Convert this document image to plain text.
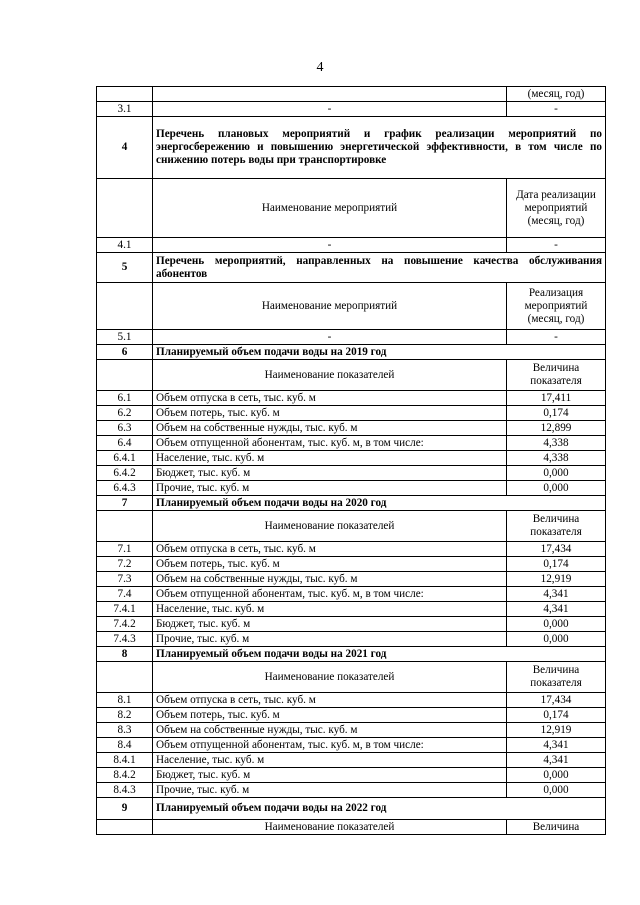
4
		(месяц, год)
3.1	-	-
4	Перечень плановых мероприятий и график реализации мероприятий по энергосбережению и повышению энергетической эффективности, в том числе по снижению потерь воды при транспортировке	
	Наименование мероприятий	Дата реализации мероприятий (месяц, год)
4.1	-	-
5	Перечень мероприятий, направленных на повышение качества обслуживания абонентов	
	Наименование мероприятий	Реализация мероприятий (месяц, год)
5.1	-	-
6	Планируемый объем подачи воды на 2019 год	
	Наименование показателей	Величина показателя
6.1	Объем отпуска в сеть, тыс. куб. м	17,411
6.2	Объем потерь, тыс. куб. м	0,174
6.3	Объем на собственные нужды, тыс. куб. м	12,899
6.4	Объем отпущенной абонентам, тыс. куб. м, в том числе:	4,338
6.4.1	Население, тыс. куб. м	4,338
6.4.2	Бюджет, тыс. куб. м	0,000
6.4.3	Прочие, тыс. куб. м	0,000
7	Планируемый объем подачи воды на 2020 год	
	Наименование показателей	Величина показателя
7.1	Объем отпуска в сеть, тыс. куб. м	17,434
7.2	Объем потерь, тыс. куб. м	0,174
7.3	Объем на собственные нужды, тыс. куб. м	12,919
7.4	Объем отпущенной абонентам, тыс. куб. м, в том числе:	4,341
7.4.1	Население, тыс. куб. м	4,341
7.4.2	Бюджет, тыс. куб. м	0,000
7.4.3	Прочие, тыс. куб. м	0,000
8	Планируемый объем подачи воды на 2021 год	
	Наименование показателей	Величина показателя
8.1	Объем отпуска в сеть, тыс. куб. м	17,434
8.2	Объем потерь, тыс. куб. м	0,174
8.3	Объем на собственные нужды, тыс. куб. м	12,919
8.4	Объем отпущенной абонентам, тыс. куб. м, в том числе:	4,341
8.4.1	Население, тыс. куб. м	4,341
8.4.2	Бюджет, тыс. куб. м	0,000
8.4.3	Прочие, тыс. куб. м	0,000
9	Планируемый объем подачи воды на 2022 год	
	Наименование показателей	Величина
